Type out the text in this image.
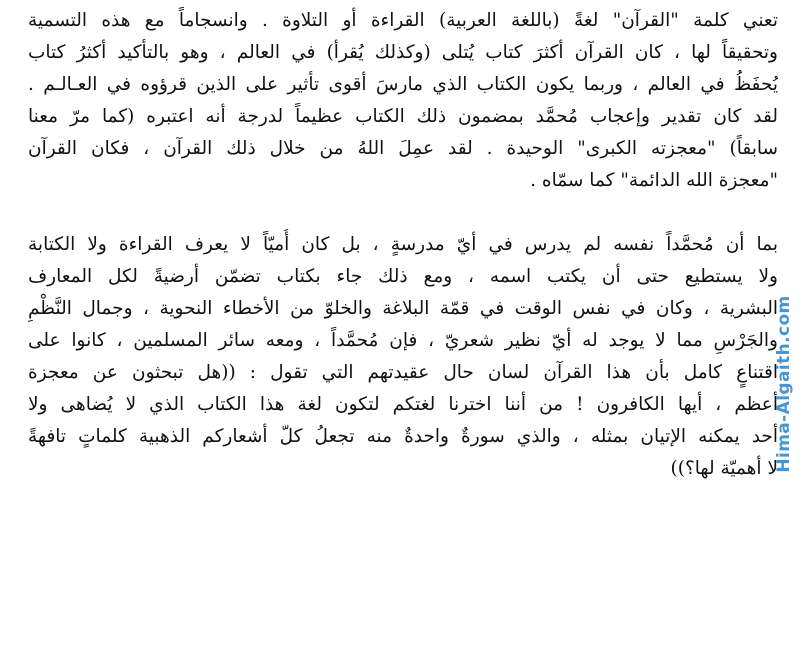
تعني كلمة "القرآن" لغةً (باللغة العربية) القراءة أو التلاوة . وانسجاماً مع هذه التسمية
وتحقيقاً لها ، كان القرآن أكثرَ كتاب يُتلى (وكذلك يُقرأ) في العالم ، وهو بالتأكيد أكثرُ كتاب
يُحفَظُ في العالم ، وربما يكون الكتاب الذي مارسَ أقوى تأثير على الذين قرؤوه في العـالـم .
لقد كان تقدير وإعجاب مُحمَّد بمضمون ذلك الكتاب عظيماً لدرجة أنه اعتبره (كما مرّ معنا
سابقاً) "معجزته الكبرى" الوحيدة . لقد عمِلَ اللهُ من خلال ذلك القرآن ، فكان القرآن
"معجزة الله الدائمة" كما سمّاه .
بما أن مُحمَّداً نفسه لم يدرس في أيّ مدرسةٍ ، بل كان أُميّاً لا يعرف القراءة ولا الكتابة
ولا يستطيع حتى أن يكتب اسمه ، ومع ذلك جاء بكتاب تضمّن أرضيةً لكل المعارف
البشرية ، وكان في نفس الوقت في قمّة البلاغة والخلوّ من الأخطاء النحوية ، وجمال النَّظْمِ
والجَرْسِ مما لا يوجد له أيّ نظير شعريّ ، فإن مُحمَّداً ، ومعه سائر المسلمين ، كانوا على
اقتناعٍ كامل بأن هذا القرآن لسان حال عقيدتهم التي تقول : ((هل تبحثون عن معجزة
أعظم ، أيها الكافرون ! من أننا اخترنا لغتكم لتكون لغة هذا الكتاب الذي لا يُضاهى ولا
أحد يمكنه الإتيان بمثله ، والذي سورةٌ واحدةٌ منه تجعلُ كلّ أشعاركم الذهبية كلماتٍ تافهةً
لا أهميّة لها؟))
Hima-Algaith.com
